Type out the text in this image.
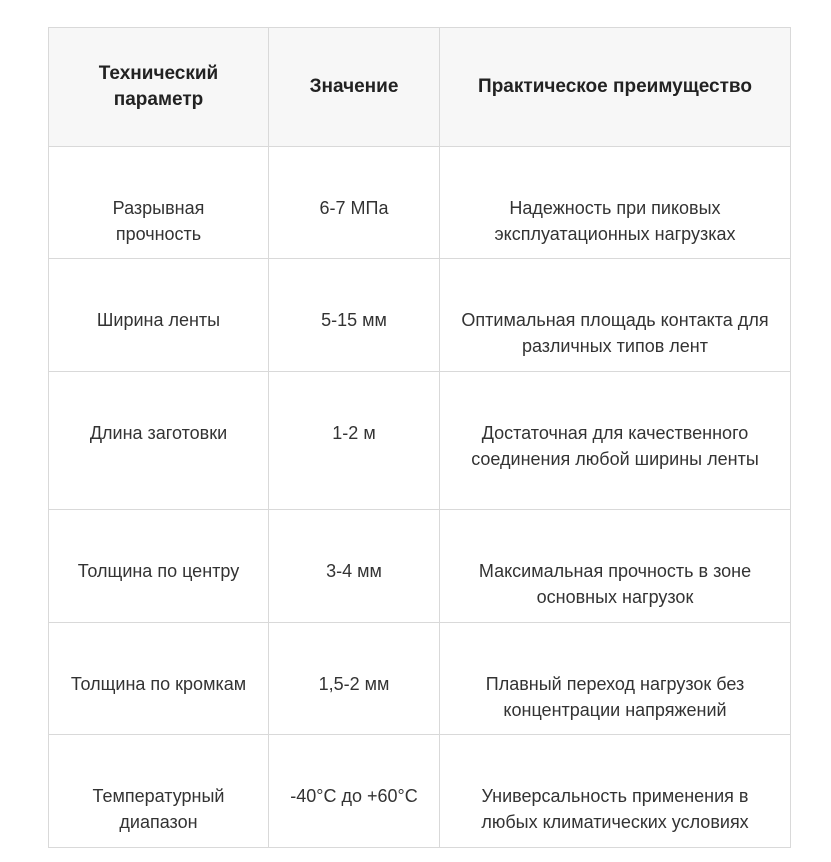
Технический параметр	Значение	Практическое преимущество
Разрывная прочность	6-7 МПа	Надежность при пиковых эксплуатационных нагрузках
Ширина ленты	5-15 мм	Оптимальная площадь контакта для различных типов лент
Длина заготовки	1-2 м	Достаточная для качественного соединения любой ширины ленты
Толщина по центру	3-4 мм	Максимальная прочность в зоне основных нагрузок
Толщина по кромкам	1,5-2 мм	Плавный переход нагрузок без концентрации напряжений
Температурный диапазон	-40°C до +60°C	Универсальность применения в любых климатических условиях
